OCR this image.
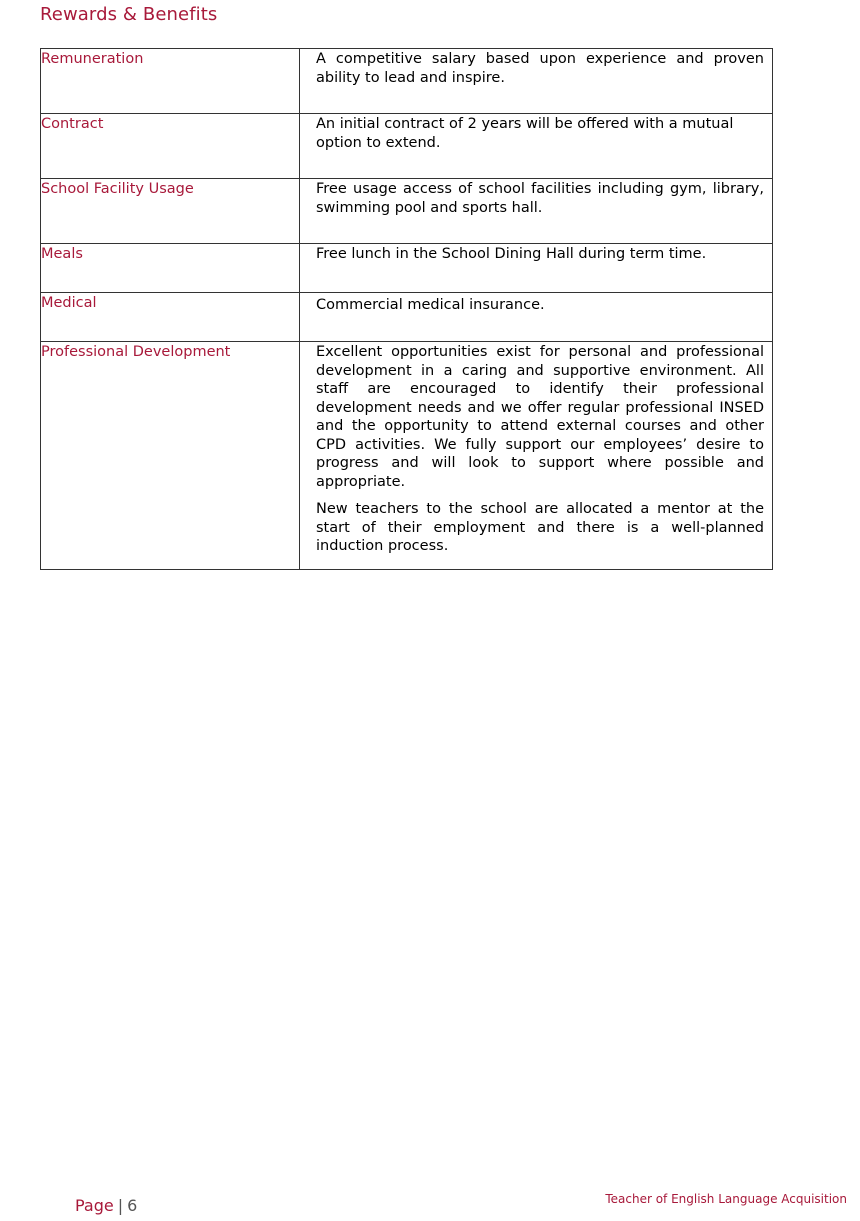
Rewards & Benefits
Remuneration	A competitive salary based upon experience and proven ability to lead and inspire.

Contract	An initial contract of 2 years will be offered with a mutual option to extend.

School Facility Usage	Free usage access of school facilities including gym, library, swimming pool and sports hall.

Meals	Free lunch in the School Dining Hall during term time.

Medical	Commercial medical insurance.

Professional Development	Excellent opportunities exist for personal and professional development in a caring and supportive environment. All staff are encouraged to identify their professional development needs and we offer regular professional INSED and the opportunity to attend external courses and other CPD activities. We fully support our employees’ desire to progress and will look to support where possible and appropriate.

New teachers to the school are allocated a mentor at the start of their employment and there is a well-planned induction process.

Page | 6	Teacher of English Language Acquisition
